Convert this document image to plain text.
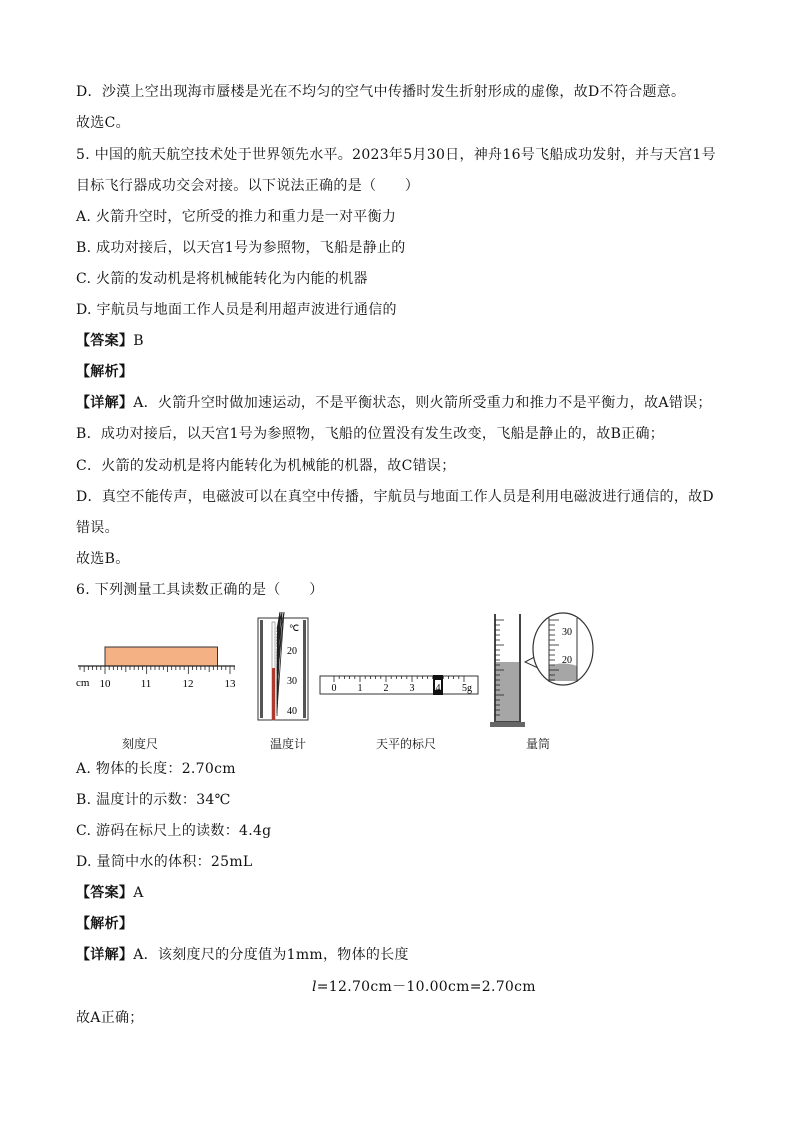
D．沙漠上空出现海市蜃楼是光在不均匀的空气中传播时发生折射形成的虚像，故D不符合题意。
故选C。
5. 中国的航天航空技术处于世界领先水平。2023年5月30日，神舟16号飞船成功发射，并与天宫1号
目标飞行器成功交会对接。以下说法正确的是（　　）
A. 火箭升空时，它所受的推力和重力是一对平衡力
B. 成功对接后，以天宫1号为参照物，飞船是静止的
C. 火箭的发动机是将机械能转化为内能的机器
D. 宇航员与地面工作人员是利用超声波进行通信的
【答案】B
【解析】
【详解】A．火箭升空时做加速运动，不是平衡状态，则火箭所受重力和推力不是平衡力，故A错误；
B．成功对接后，以天宫1号为参照物，飞船的位置没有发生改变，飞船是静止的，故B正确；
C．火箭的发动机是将内能转化为机械能的机器，故C错误；
D．真空不能传声，电磁波可以在真空中传播，宇航员与地面工作人员是利用电磁波进行通信的，故D
错误。
故选B。
6. 下列测量工具读数正确的是（　　）
cm 10	11	12	13
℃
20
30
40
0 1 2 3 4 5g
30
20
刻度尺	温度计	天平的标尺	量筒
A. 物体的长度：2.70cm
B. 温度计的示数：34℃
C. 游码在标尺上的读数：4.4g
D. 量筒中水的体积：25mL
【答案】A
【解析】
【详解】A．该刻度尺的分度值为1mm，物体的长度
l=12.70cm－10.00cm=2.70cm
故A正确；
